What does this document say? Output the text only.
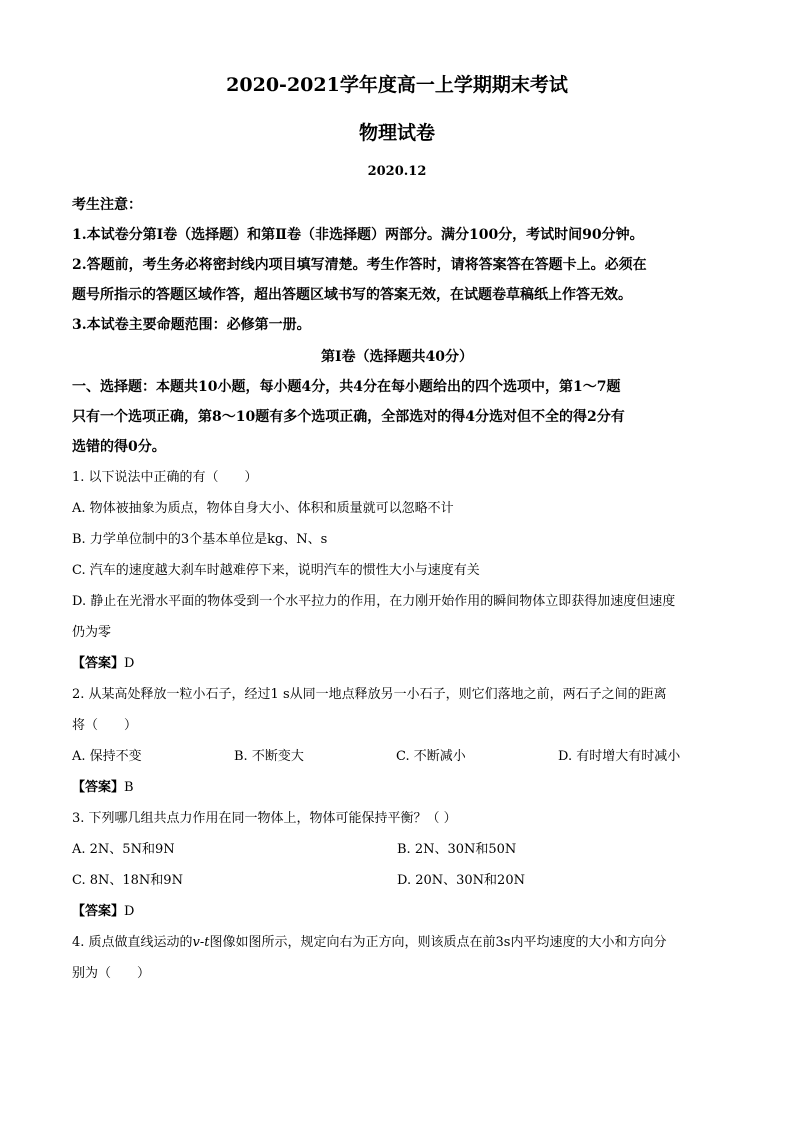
2020-2021学年度高一上学期期末考试
物理试卷
2020.12
考生注意：
1.本试卷分第Ⅰ卷（选择题）和第Ⅱ卷（非选择题）两部分。满分100分，考试时间90分钟。
2.答题前，考生务必将密封线内项目填写清楚。考生作答时，请将答案答在答题卡上。必须在
题号所指示的答题区域作答，超出答题区域书写的答案无效，在试题卷草稿纸上作答无效。
3.本试卷主要命题范围：必修第一册。
第Ⅰ卷（选择题共40分）
一、选择题：本题共10小题，每小题4分，共4分在每小题给出的四个选项中，第1～7题
只有一个选项正确，第8～10题有多个选项正确，全部选对的得4分选对但不全的得2分有
选错的得0分。
1. 以下说法中正确的有（　　）
A. 物体被抽象为质点，物体自身大小、体积和质量就可以忽略不计
B. 力学单位制中的3个基本单位是kg、N、s
C. 汽车的速度越大刹车时越难停下来，说明汽车的惯性大小与速度有关
D. 静止在光滑水平面的物体受到一个水平拉力的作用，在力刚开始作用的瞬间物体立即获得加速度但速度
仍为零
【答案】D
2. 从某高处释放一粒小石子，经过1 s从同一地点释放另一小石子，则它们落地之前，两石子之间的距离
将（　　）
A. 保持不变	B. 不断变大	C. 不断减小	D. 有时增大有时减小
【答案】B
3. 下列哪几组共点力作用在同一物体上，物体可能保持平衡？（ ）
A. 2N、5N和9N	B. 2N、30N和50N
C. 8N、18N和9N	D. 20N、30N和20N
【答案】D
4. 质点做直线运动的v-t图像如图所示，规定向右为正方向，则该质点在前3s内平均速度的大小和方向分
别为（　　）
